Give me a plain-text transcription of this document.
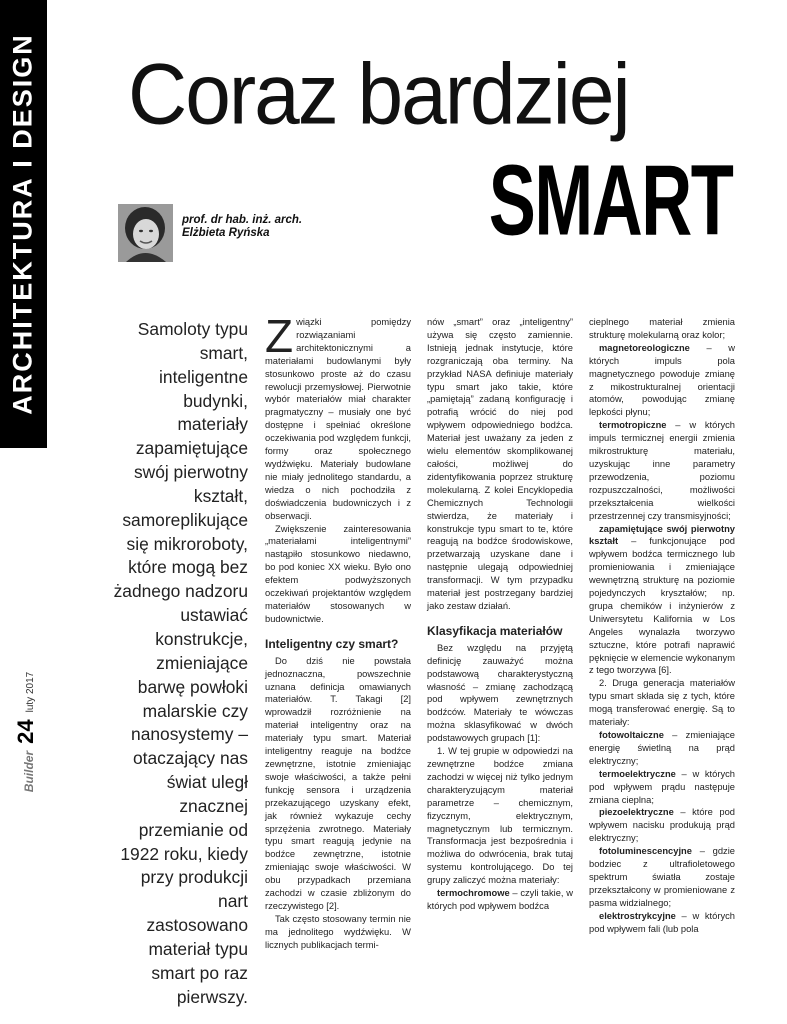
ARCHITEKTURA I DESIGN
Builder
24
luty 2017
Coraz bardziej
SMART
prof. dr hab. inż. arch.
Elżbieta Ryńska
Samoloty typu smart, inteligentne budynki, materiały zapamiętujące swój pierwotny kształt, samoreplikujące się mikroroboty, które mogą bez żadnego nadzoru ustawiać konstrukcje, zmieniające barwę powłoki malarskie czy nanosystemy – otaczający nas świat uległ znacznej przemianie od 1922 roku, kiedy przy produkcji nart zastosowano materiał typu smart po raz pierwszy.

Związki pomiędzy rozwiązaniami architektonicznymi a materiałami budowlanymi były stosunkowo proste aż do czasu rewolucji przemysłowej. Pierwotnie wybór materiałów miał charakter pragmatyczny – musiały one być dostępne i spełniać określone oczekiwania pod względem funkcji, formy oraz społecznego wydźwięku. Materiały budowlane nie miały jednolitego standardu, a wiedza o nich pochodziła z doświadczenia budowniczych i z obserwacji.

Zwiększenie zainteresowania „materiałami inteligentnymi” nastąpiło stosunkowo niedawno, bo pod koniec XX wieku. Było ono efektem podwyższonych oczekiwań projektantów względem materiałów stosowanych w budownictwie.

Inteligentny czy smart?

Do dziś nie powstała jednoznaczna, powszechnie uznana definicja omawianych materiałów. T. Takagi [2] wprowadził rozróżnienie na materiał inteligentny oraz na materiały typu smart. Materiał inteligentny reaguje na bodźce zewnętrzne, istotnie zmieniając swoje właściwości, a także pełni funkcję sensora i urządzenia przekazującego uzyskany efekt, jak również wykazuje cechy sprzężenia zwrotnego. Materiały typu smart reagują jedynie na bodźce zewnętrzne, istotnie zmieniając swoje właściwości. W obu przypadkach przemiana zachodzi w czasie zbliżonym do rzeczywistego [2].

Tak często stosowany termin nie ma jednolitego wydźwięku. W licznych publikacjach termi-

nów „smart” oraz „inteligentny” używa się często zamiennie. Istnieją jednak instytucje, które rozgraniczają oba terminy. Na przykład NASA definiuje materiały typu smart jako takie, które „pamiętają” zadaną konfigurację i potrafią wrócić do niej pod wpływem odpowiedniego bodźca. Materiał jest uważany za jeden z wielu elementów skomplikowanej całości, możliwej do zidentyfikowania poprzez strukturę molekularną. Z kolei Encyklopedia Chemicznych Technologii stwierdza, że materiały i konstrukcje typu smart to te, które reagują na bodźce środowiskowe, przetwarzają uzyskane dane i następnie ulegają odpowiedniej transformacji. W tym przypadku materiał jest postrzegany bardziej jako zestaw działań.

Klasyfikacja materiałów

Bez względu na przyjętą definicję zauważyć można podstawową charakterystyczną własność – zmianę zachodzącą pod wpływem zewnętrznych bodźców. Materiały te wówczas można sklasyfikować w dwóch podstawowych grupach [1]:

1. W tej grupie w odpowiedzi na zewnętrzne bodźce zmiana zachodzi w więcej niż tylko jednym charakteryzującym materiał parametrze – chemicznym, fizycznym, elektrycznym, magnetycznym lub termicznym. Transformacja jest bezpośrednia i możliwa do odwrócenia, brak tutaj systemu kontrolującego. Do tej grupy zaliczyć można materiały:

termochromowe – czyli takie, w których pod wpływem bodźca

cieplnego materiał zmienia strukturę molekularną oraz kolor;

magnetoreologiczne – w których impuls pola magnetycznego powoduje zmianę z mikostrukturalnej orientacji atomów, powodując zmianę lepkości płynu;

termotropiczne – w których impuls termicznej energii zmienia mikrostrukturę materiału, uzyskując inne parametry przewodzenia, poziomu rozpuszczalności, możliwości przekształcenia wielkości przestrzennej czy transmisyjności;

zapamiętujące swój pierwotny kształt – funkcjonujące pod wpływem bodźca termicznego lub promieniowania i zmieniające wewnętrzną strukturę na poziomie pojedynczych kryształów; np. grupa chemików i inżynierów z Uniwersytetu Kalifornia w Los Angeles wynalazła tworzywo sztuczne, które potrafi naprawić pęknięcie w elemencie wykonanym z tego tworzywa [6].

2. Druga generacja materiałów typu smart składa się z tych, które mogą transferować energię. Są to materiały:

fotowoltaiczne – zmieniające energię świetlną na prąd elektryczny;

termoelektryczne – w których pod wpływem prądu następuje zmiana cieplna;

piezoelektryczne – które pod wpływem nacisku produkują prąd elektryczny;

fotoluminescencyjne – gdzie bodziec z ultrafioletowego spektrum światła zostaje przekształcony w promieniowane z pasma widzialnego;

elektrostrykcyjne – w których pod wpływem fali (lub pola
